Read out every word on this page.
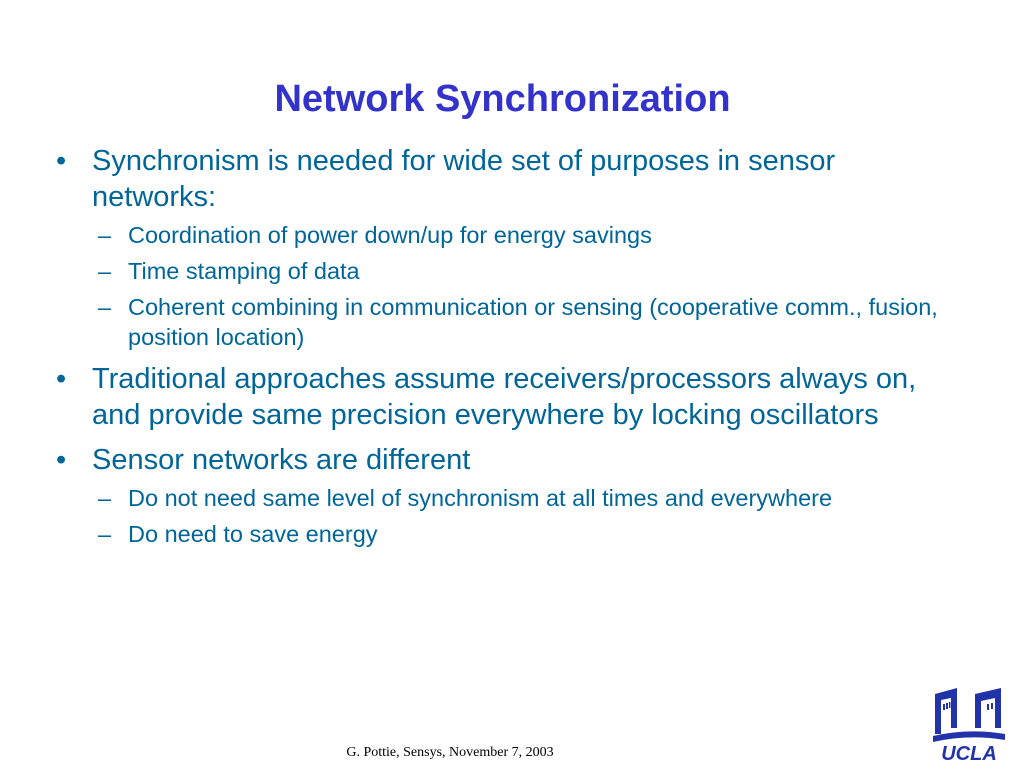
Network Synchronization
• Synchronism is needed for wide set of purposes in sensor networks:
– Coordination of power down/up for energy savings
– Time stamping of data
– Coherent combining in communication or sensing (cooperative comm., fusion, position location)
• Traditional approaches assume receivers/processors always on, and provide same precision everywhere by locking oscillators
• Sensor networks are different
– Do not need same level of synchronism at all times and everywhere
– Do need to save energy
G. Pottie, Sensys, November 7, 2003	UCLA
